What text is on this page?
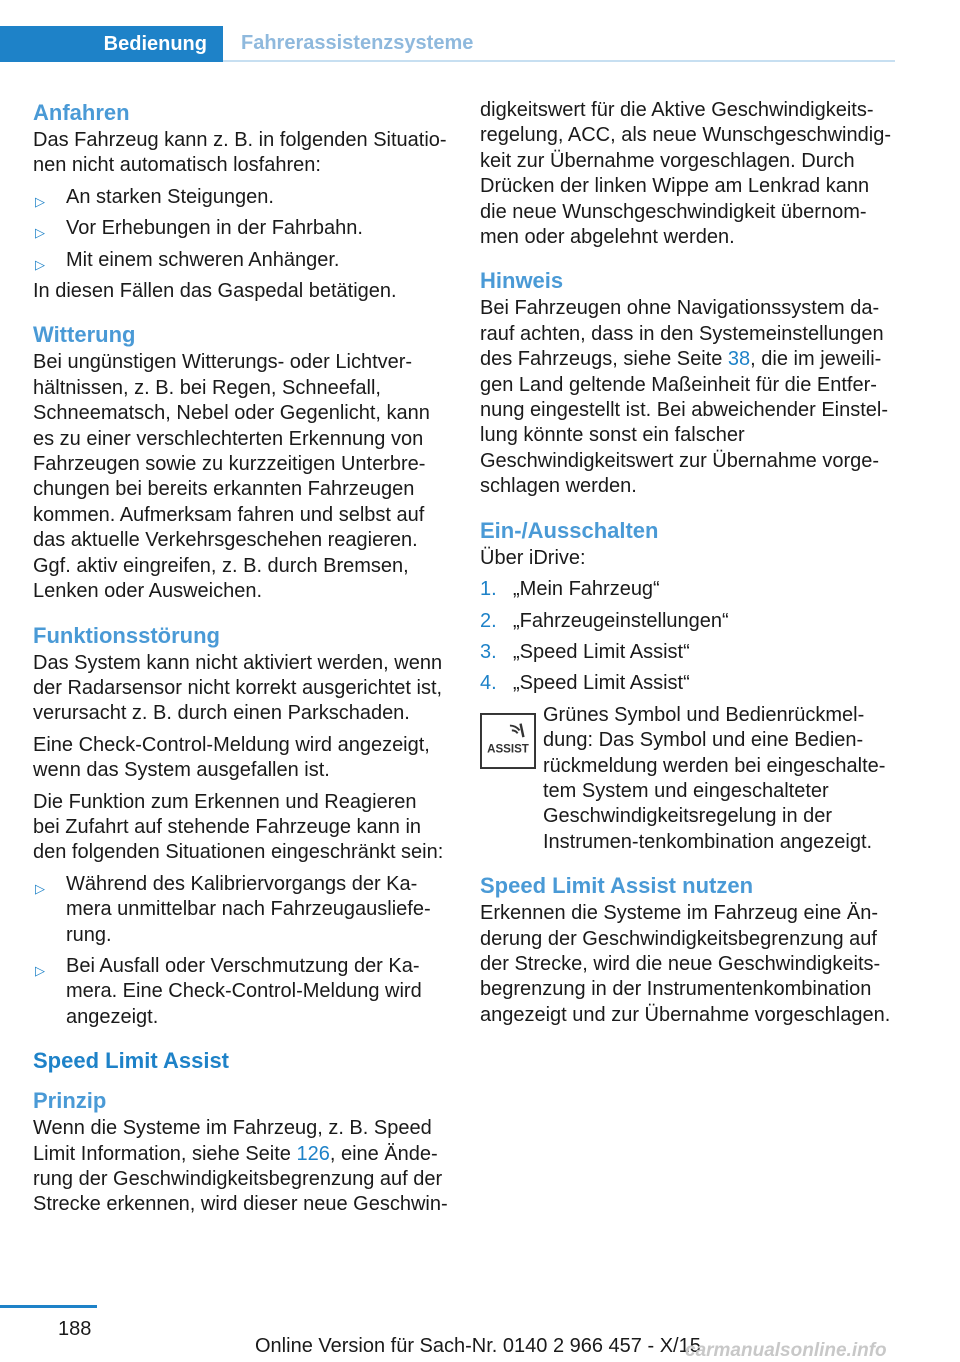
Bedienung Fahrerassistenzsysteme
Anfahren

Das Fahrzeug kann z. B. in folgenden Situatio‐nen nicht automatisch losfahren:

▷ An starken Steigungen.
▷ Vor Erhebungen in der Fahrbahn.
▷ Mit einem schweren Anhänger.

In diesen Fällen das Gaspedal betätigen.

Witterung

Bei ungünstigen Witterungs- oder Lichtver‐hältnissen, z. B. bei Regen, Schneefall, Schneematsch, Nebel oder Gegenlicht, kann es zu einer verschlechterten Erkennung von Fahrzeugen sowie zu kurzzeitigen Unterbre‐chungen bei bereits erkannten Fahrzeugen kommen. Aufmerksam fahren und selbst auf das aktuelle Verkehrsgeschehen reagieren. Ggf. aktiv eingreifen, z. B. durch Bremsen, Lenken oder Ausweichen.

Funktionsstörung

Das System kann nicht aktiviert werden, wenn der Radarsensor nicht korrekt ausgerichtet ist, verursacht z. B. durch einen Parkschaden.

Eine Check-Control-Meldung wird angezeigt, wenn das System ausgefallen ist.

Die Funktion zum Erkennen und Reagieren bei Zufahrt auf stehende Fahrzeuge kann in den folgenden Situationen eingeschränkt sein:

▷ Während des Kalibriervorgangs der Ka‐mera unmittelbar nach Fahrzeugausliefe‐rung.
▷ Bei Ausfall oder Verschmutzung der Ka‐mera. Eine Check-Control-Meldung wird angezeigt.
Speed Limit Assist
Prinzip

Wenn die Systeme im Fahrzeug, z. B. Speed Limit Information, siehe Seite 126, eine Ände‐rung der Geschwindigkeitsbegrenzung auf der Strecke erkennen, wird dieser neue Geschwin‐

digkeitswert für die Aktive Geschwindigkeits‐regelung, ACC, als neue Wunschgeschwindig‐keit zur Übernahme vorgeschlagen. Durch Drücken der linken Wippe am Lenkrad kann die neue Wunschgeschwindigkeit übernom‐men oder abgelehnt werden.

Hinweis

Bei Fahrzeugen ohne Navigationssystem da‐rauf achten, dass in den Systemeinstellungen des Fahrzeugs, siehe Seite 38, die im jeweili‐gen Land geltende Maßeinheit für die Entfer‐nung eingestellt ist. Bei abweichender Einstel‐lung könnte sonst ein falscher Geschwindigkeitswert zur Übernahme vorge‐schlagen werden.

Ein-/Ausschalten

Über iDrive:

1. „Mein Fahrzeug“
2. „Fahrzeugeinstellungen“
3. „Speed Limit Assist“
4. „Speed Limit Assist“
ASSIST

Grünes Symbol und Bedienrückmel‐dung: Das Symbol und eine Bedien‐rückmeldung werden bei eingeschalte‐tem System und eingeschalteter Geschwindigkeitsregelung in der Instrumen‐tenkombination angezeigt.

Speed Limit Assist nutzen

Erkennen die Systeme im Fahrzeug eine Än‐derung der Geschwindigkeitsbegrenzung auf der Strecke, wird die neue Geschwindigkeits‐begrenzung in der Instrumentenkombination angezeigt und zur Übernahme vorgeschlagen.

188
Online Version für Sach-Nr. 0140 2 966 457 - X/15
carmanualsonline.info
